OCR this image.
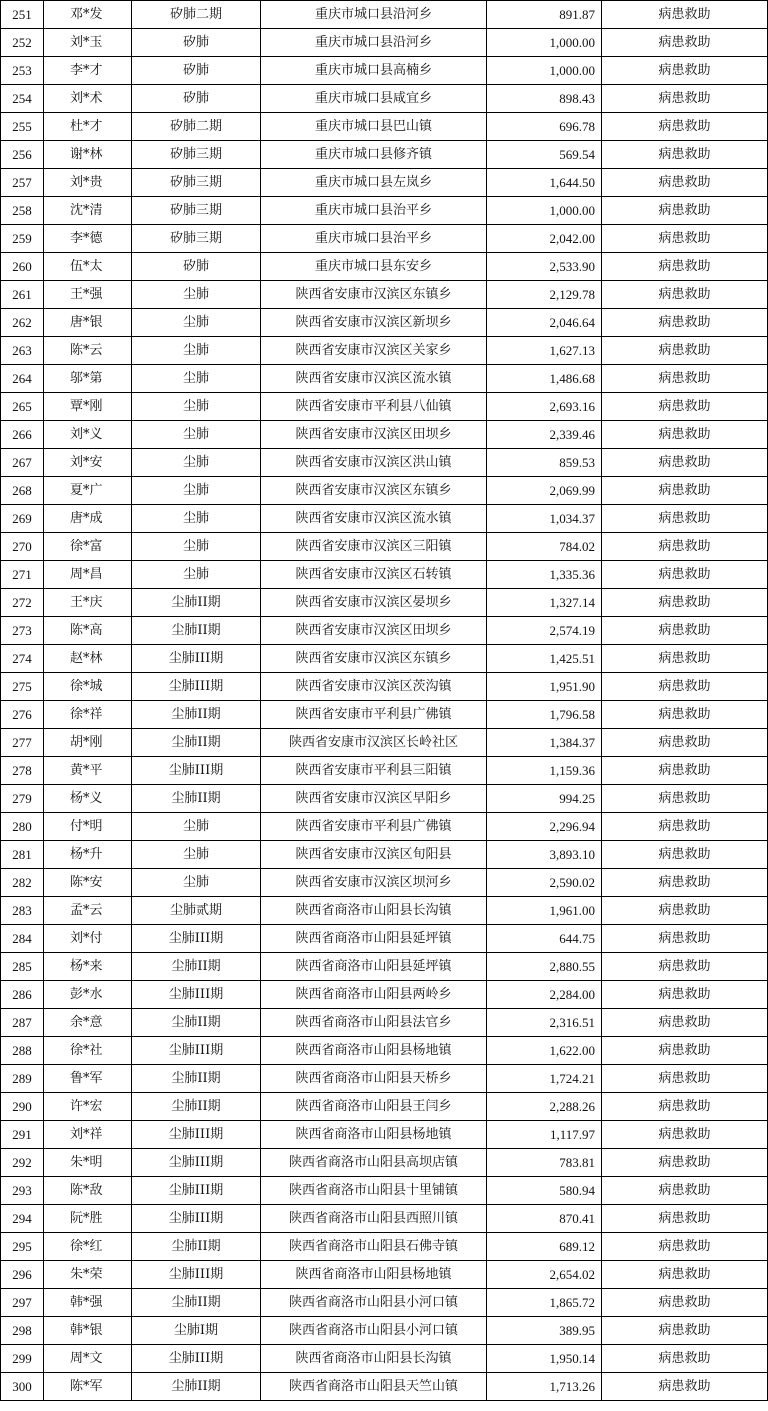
251	邓*发	矽肺二期	重庆市城口县沿河乡	891.87	病患救助
252	刘*玉	矽肺	重庆市城口县沿河乡	1,000.00	病患救助
253	李*才	矽肺	重庆市城口县高楠乡	1,000.00	病患救助
254	刘*术	矽肺	重庆市城口县咸宜乡	898.43	病患救助
255	杜*才	矽肺二期	重庆市城口县巴山镇	696.78	病患救助
256	谢*林	矽肺三期	重庆市城口县修齐镇	569.54	病患救助
257	刘*贵	矽肺三期	重庆市城口县左岚乡	1,644.50	病患救助
258	沈*清	矽肺三期	重庆市城口县治平乡	1,000.00	病患救助
259	李*德	矽肺三期	重庆市城口县治平乡	2,042.00	病患救助
260	伍*太	矽肺	重庆市城口县东安乡	2,533.90	病患救助
261	王*强	尘肺	陕西省安康市汉滨区东镇乡	2,129.78	病患救助
262	唐*银	尘肺	陕西省安康市汉滨区新坝乡	2,046.64	病患救助
263	陈*云	尘肺	陕西省安康市汉滨区关家乡	1,627.13	病患救助
264	邬*第	尘肺	陕西省安康市汉滨区流水镇	1,486.68	病患救助
265	覃*刚	尘肺	陕西省安康市平利县八仙镇	2,693.16	病患救助
266	刘*义	尘肺	陕西省安康市汉滨区田坝乡	2,339.46	病患救助
267	刘*安	尘肺	陕西省安康市汉滨区洪山镇	859.53	病患救助
268	夏*广	尘肺	陕西省安康市汉滨区东镇乡	2,069.99	病患救助
269	唐*成	尘肺	陕西省安康市汉滨区流水镇	1,034.37	病患救助
270	徐*富	尘肺	陕西省安康市汉滨区三阳镇	784.02	病患救助
271	周*昌	尘肺	陕西省安康市汉滨区石转镇	1,335.36	病患救助
272	王*庆	尘肺II期	陕西省安康市汉滨区晏坝乡	1,327.14	病患救助
273	陈*高	尘肺II期	陕西省安康市汉滨区田坝乡	2,574.19	病患救助
274	赵*林	尘肺III期	陕西省安康市汉滨区东镇乡	1,425.51	病患救助
275	徐*城	尘肺III期	陕西省安康市汉滨区茨沟镇	1,951.90	病患救助
276	徐*祥	尘肺II期	陕西省安康市平利县广佛镇	1,796.58	病患救助
277	胡*刚	尘肺II期	陕西省安康市汉滨区长岭社区	1,384.37	病患救助
278	黄*平	尘肺III期	陕西省安康市平利县三阳镇	1,159.36	病患救助
279	杨*义	尘肺II期	陕西省安康市汉滨区早阳乡	994.25	病患救助
280	付*明	尘肺	陕西省安康市平利县广佛镇	2,296.94	病患救助
281	杨*升	尘肺	陕西省安康市汉滨区旬阳县	3,893.10	病患救助
282	陈*安	尘肺	陕西省安康市汉滨区坝河乡	2,590.02	病患救助
283	孟*云	尘肺贰期	陕西省商洛市山阳县长沟镇	1,961.00	病患救助
284	刘*付	尘肺III期	陕西省商洛市山阳县延坪镇	644.75	病患救助
285	杨*来	尘肺II期	陕西省商洛市山阳县延坪镇	2,880.55	病患救助
286	彭*水	尘肺III期	陕西省商洛市山阳县两岭乡	2,284.00	病患救助
287	余*意	尘肺II期	陕西省商洛市山阳县法官乡	2,316.51	病患救助
288	徐*社	尘肺III期	陕西省商洛市山阳县杨地镇	1,622.00	病患救助
289	鲁*军	尘肺II期	陕西省商洛市山阳县天桥乡	1,724.21	病患救助
290	许*宏	尘肺II期	陕西省商洛市山阳县王闫乡	2,288.26	病患救助
291	刘*祥	尘肺III期	陕西省商洛市山阳县杨地镇	1,117.97	病患救助
292	朱*明	尘肺III期	陕西省商洛市山阳县高坝店镇	783.81	病患救助
293	陈*敌	尘肺III期	陕西省商洛市山阳县十里铺镇	580.94	病患救助
294	阮*胜	尘肺III期	陕西省商洛市山阳县西照川镇	870.41	病患救助
295	徐*红	尘肺II期	陕西省商洛市山阳县石佛寺镇	689.12	病患救助
296	朱*荣	尘肺III期	陕西省商洛市山阳县杨地镇	2,654.02	病患救助
297	韩*强	尘肺II期	陕西省商洛市山阳县小河口镇	1,865.72	病患救助
298	韩*银	尘肺I期	陕西省商洛市山阳县小河口镇	389.95	病患救助
299	周*文	尘肺III期	陕西省商洛市山阳县长沟镇	1,950.14	病患救助
300	陈*军	尘肺II期	陕西省商洛市山阳县天竺山镇	1,713.26	病患救助
